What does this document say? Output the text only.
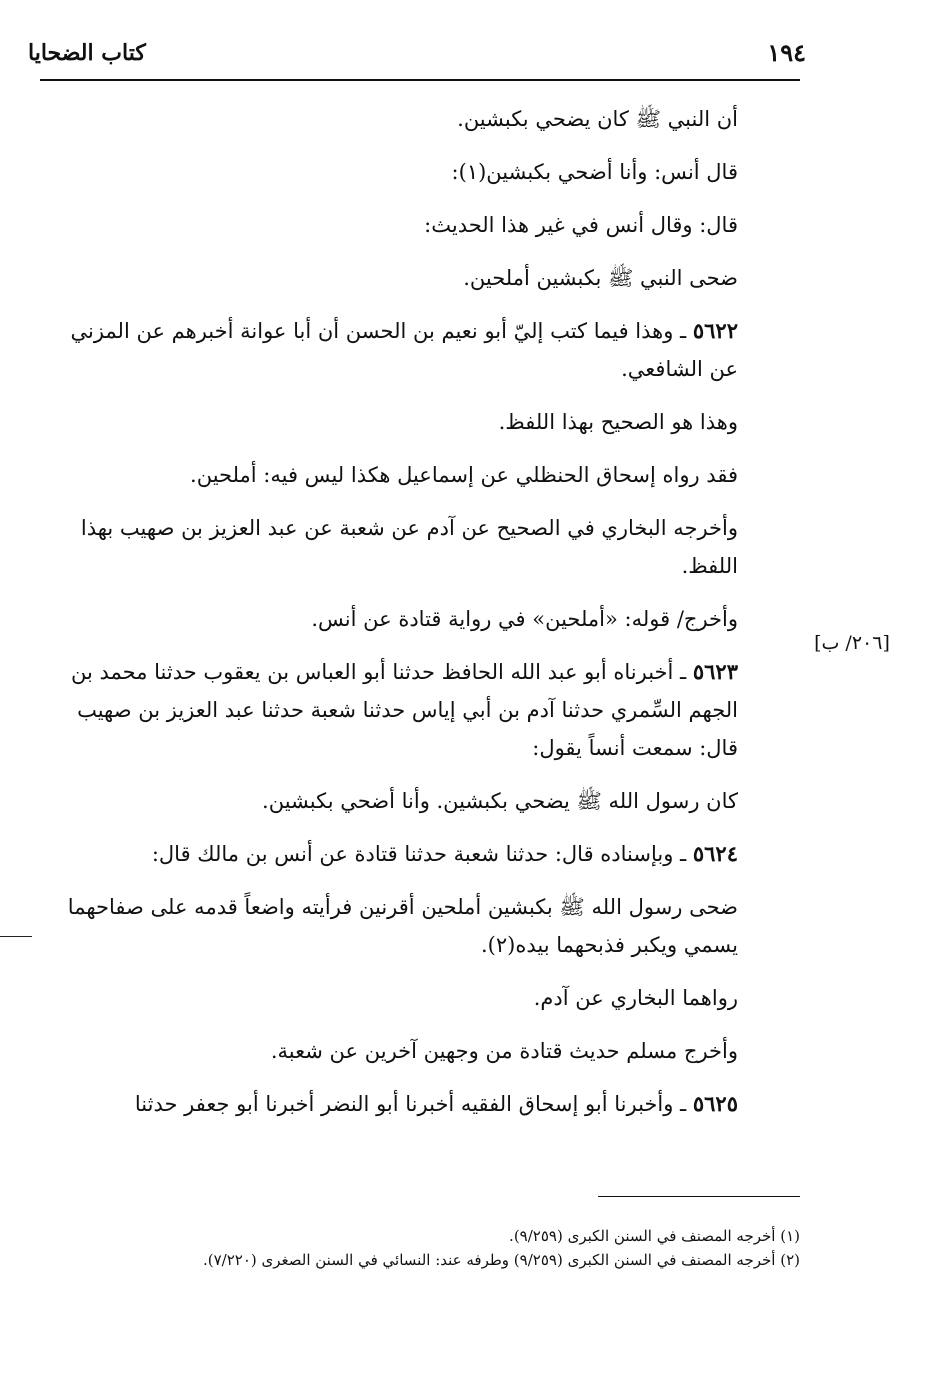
كتاب الضحايا	١٩٤
[٢٠٦/ ب]

أن النبي ﷺ كان يضحي بكبشين.

قال أنس: وأنا أضحي بكبشين(١):

قال: وقال أنس في غير هذا الحديث:

ضحى النبي ﷺ بكبشين أملحين.

٥٦٢٢ ـ وهذا فيما كتب إليّ أبو نعيم بن الحسن أن أبا عوانة أخبرهم عن المزني عن الشافعي.

وهذا هو الصحيح بهذا اللفظ.

فقد رواه إسحاق الحنظلي عن إسماعيل هكذا ليس فيه: أملحين.

وأخرجه البخاري في الصحيح عن آدم عن شعبة عن عبد العزيز بن صهيب بهذا اللفظ.

وأخرج/ قوله: «أملحين» في رواية قتادة عن أنس.

٥٦٢٣ ـ أخبرناه أبو عبد الله الحافظ حدثنا أبو العباس بن يعقوب حدثنا محمد بن الجهم السِّمري حدثنا آدم بن أبي إياس حدثنا شعبة حدثنا عبد العزيز بن صهيب قال: سمعت أنساً يقول:

كان رسول الله ﷺ يضحي بكبشين. وأنا أضحي بكبشين.

٥٦٢٤ ـ وبإسناده قال: حدثنا شعبة حدثنا قتادة عن أنس بن مالك قال:

ضحى رسول الله ﷺ بكبشين أملحين أقرنين فرأيته واضعاً قدمه على صفاحهما يسمي ويكبر فذبحهما بيده(٢).

رواهما البخاري عن آدم.

وأخرج مسلم حديث قتادة من وجهين آخرين عن شعبة.

٥٦٢٥ ـ وأخبرنا أبو إسحاق الفقيه أخبرنا أبو النضر أخبرنا أبو جعفر حدثنا

(١) أخرجه المصنف في السنن الكبرى (٩/٢٥٩).
(٢) أخرجه المصنف في السنن الكبرى (٩/٢٥٩) وطرفه عند: النسائي في السنن الصغرى (٧/٢٢٠).
